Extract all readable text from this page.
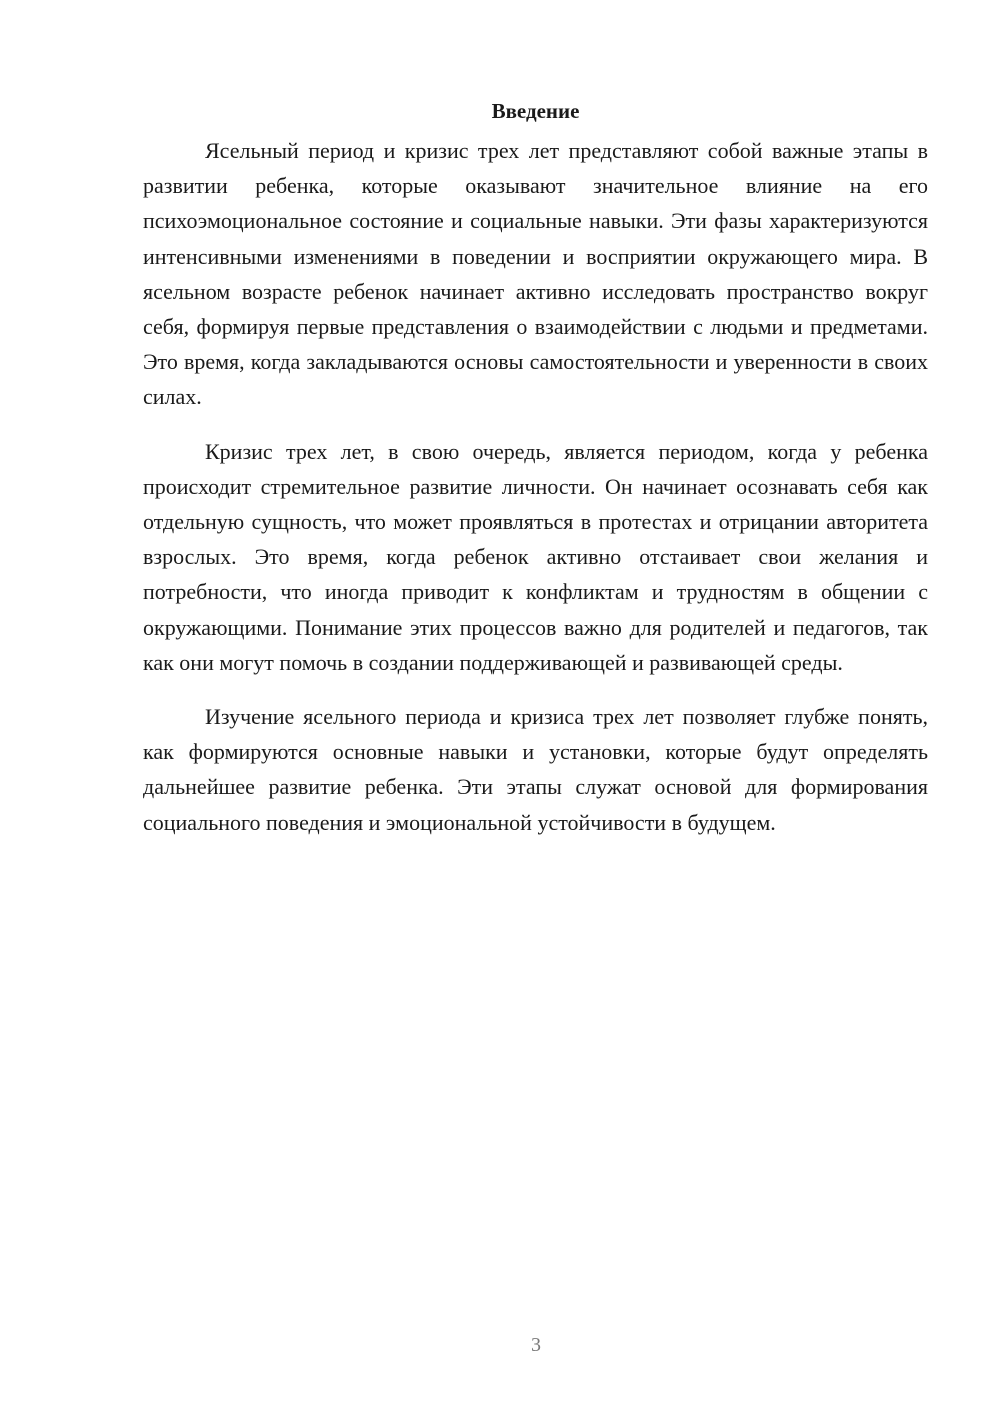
Введение

Ясельный период и кризис трех лет представляют собой важные этапы в развитии ребенка, которые оказывают значительное влияние на его психоэмоциональное состояние и социальные навыки. Эти фазы характеризуются интенсивными изменениями в поведении и восприятии окружающего мира. В ясельном возрасте ребенок начинает активно исследовать пространство вокруг себя, формируя первые представления о взаимодействии с людьми и предметами. Это время, когда закладываются основы самостоятельности и уверенности в своих силах.

Кризис трех лет, в свою очередь, является периодом, когда у ребенка происходит стремительное развитие личности. Он начинает осознавать себя как отдельную сущность, что может проявляться в протестах и отрицании авторитета взрослых. Это время, когда ребенок активно отстаивает свои желания и потребности, что иногда приводит к конфликтам и трудностям в общении с окружающими. Понимание этих процессов важно для родителей и педагогов, так как они могут помочь в создании поддерживающей и развивающей среды.

Изучение ясельного периода и кризиса трех лет позволяет глубже понять, как формируются основные навыки и установки, которые будут определять дальнейшее развитие ребенка. Эти этапы служат основой для формирования социального поведения и эмоциональной устойчивости в будущем.

3
